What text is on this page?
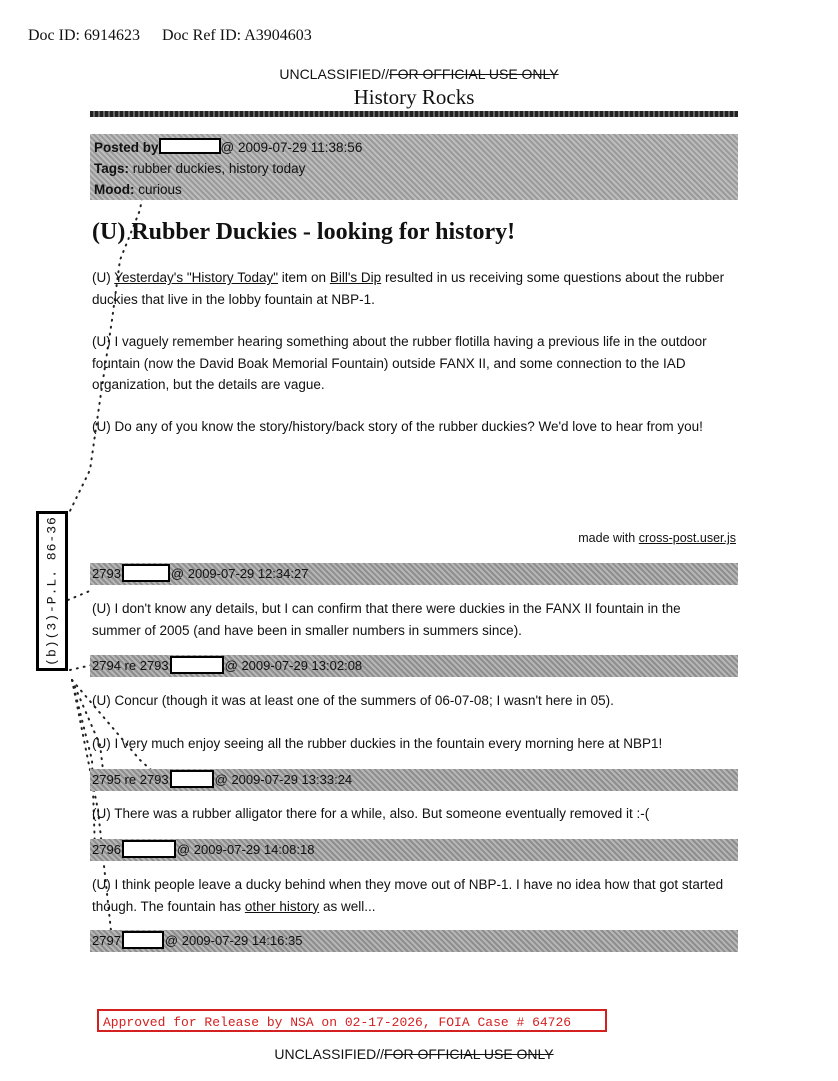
Doc ID: 6914623 Doc Ref ID: A3904603
UNCLASSIFIED//FOR OFFICIAL USE ONLY
History Rocks
Posted by	@ 2009-07-29 11:38:56
Tags: rubber duckies, history today
Mood: curious
(U) Rubber Duckies - looking for history!
(U) Yesterday's "History Today" item on Bill's Dip resulted in us receiving some questions about the rubber duckies that live in the lobby fountain at NBP-1.
(U) I vaguely remember hearing something about the rubber flotilla having a previous life in the outdoor fountain (now the David Boak Memorial Fountain) outside FANX II, and some connection to the IAD organization, but the details are vague.
(U) Do any of you know the story/history/back story of the rubber duckies? We'd love to hear from you!
made with cross-post.user.js
2793	@ 2009-07-29 12:34:27
(U) I don't know any details, but I can confirm that there were duckies in the FANX II fountain in the summer of 2005 (and have been in smaller numbers in summers since).
2794 re 2793	@ 2009-07-29 13:02:08
(U) Concur (though it was at least one of the summers of 06-07-08; I wasn't here in 05).
(U) I very much enjoy seeing all the rubber duckies in the fountain every morning here at NBP1!
2795 re 2793	@ 2009-07-29 13:33:24
(U) There was a rubber alligator there for a while, also. But someone eventually removed it :-(
2796	@ 2009-07-29 14:08:18
(U) I think people leave a ducky behind when they move out of NBP-1. I have no idea how that got started though. The fountain has other history as well...
2797	@ 2009-07-29 14:16:35
(b)(3)-P.L. 86-36
Approved for Release by NSA on 02-17-2026, FOIA Case # 64726
UNCLASSIFIED//FOR OFFICIAL USE ONLY
